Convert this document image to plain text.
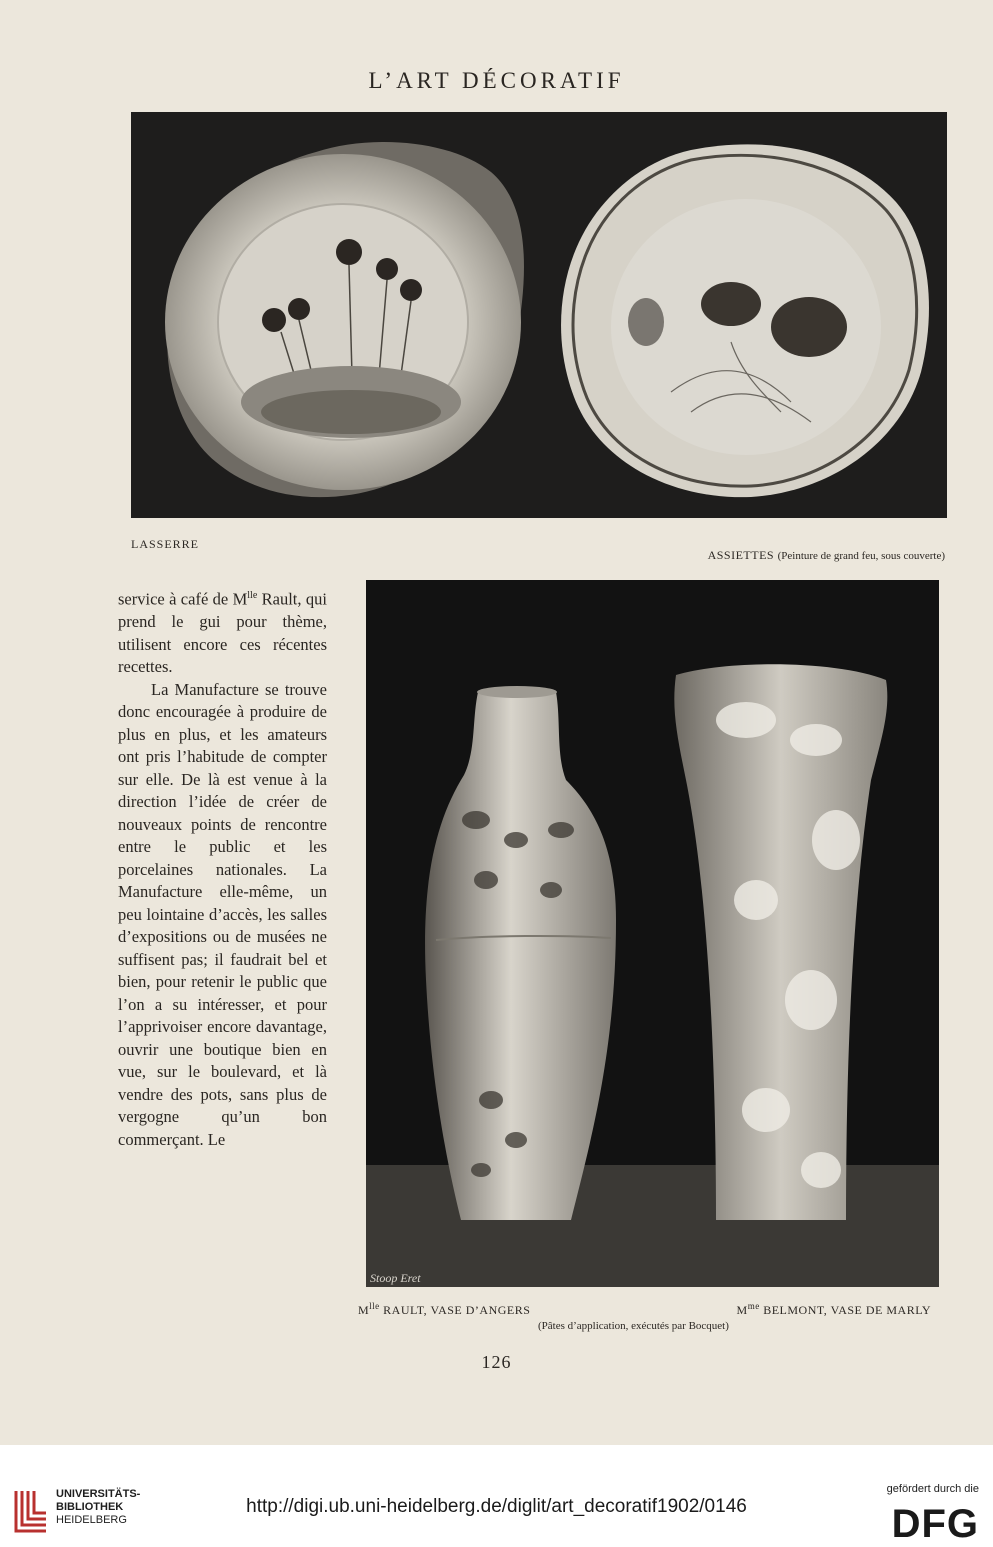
L’ART DÉCORATIF
LASSERRE
ASSIETTES (Peinture de grand feu, sous couverte)

service à café de $M^{lle}$ Rault, qui prend le gui pour thème, utilisent encore ces récentes recettes.

La Manufacture se trouve donc encouragée à produire de plus en plus, et les amateurs ont pris l’habitude de compter sur elle. De là est venue à la direction l’idée de créer de nouveaux points de rencontre entre le public et les porcelaines nationales. La Manufacture elle-même, un peu lointaine d’accès, les salles d’expositions ou de musées ne suffisent pas; il faudrait bel et bien, pour retenir le public que l’on a su intéresser, et pour l’apprivoiser encore davantage, ouvrir une boutique bien en vue, sur le boulevard, et là vendre des pots, sans plus de vergogne qu’un bon commerçant. Le

Stoop Eret
$M^{lle}$ RAULT, VASE D’ANGERS	$M^{me}$ BELMONT, VASE DE MARLY
(Pâtes d’application, exécutés par Bocquet)
126
UNIVERSITÄTS-
BIBLIOTHEK
HEIDELBERG
http://digi.ub.uni-heidelberg.de/diglit/art_decoratif1902/0146
gefördert durch die
DFG
